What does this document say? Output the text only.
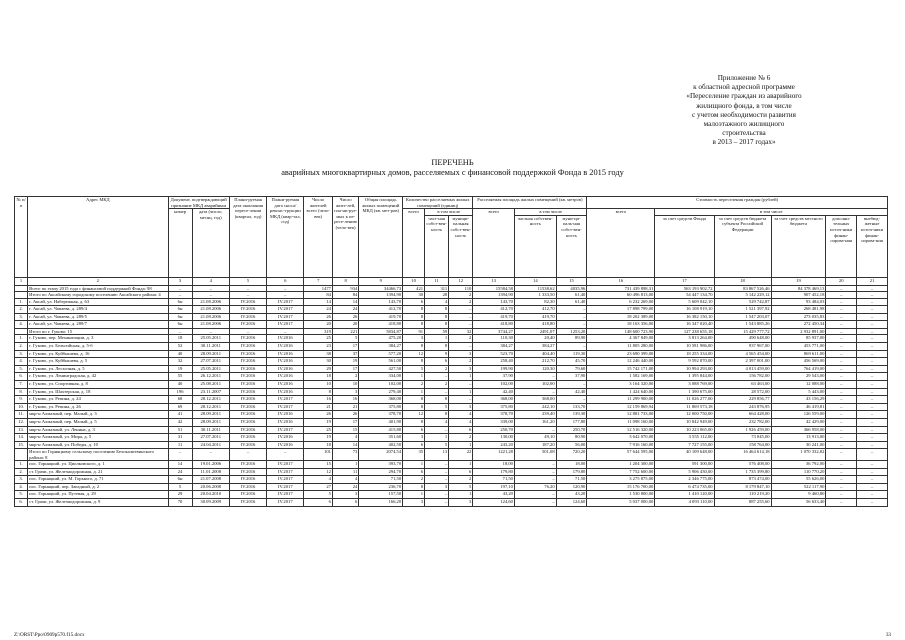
Приложение № 6
к областной адресной программе
«Переселение граждан из аварийного
жилищного фонда, в том числе
с учетом необходимости развития
малоэтажного жилищного
строительства
в 2013 – 2017 годах»
ПЕРЕЧЕНЬ
аварийных многоквартирных домов, расселяемых с финансовой поддержкой Фонда в 2015 году
№ п/п	Адрес МКД	Документ, подтверждающий признание МКД аварийным		Плани-руемая дата окончания пересе-ления (квартал, год)	Плани-руемая дата сноса/ реконс-трукции МКД (квар-тал, год)	Число жителей всего (чело-век)	Число жите-лей, пла-ни-руе-мых к пе-ресе-лению (чело-век)	Общая площадь жилых помещений МКД (кв. мет-ров)	Количество расселяемых жилых помещений (единиц)			Расселяемая площадь жилых помещений (кв. метров)			Стоимость переселения граждан (рублей)					
		номер	дата (число, месяц, год)						всего	в том числе		всего	в том числе		всего	в том числе				
										част-ная собст-вен-ность	муници-пальная собст-вен-ность		частная собствен-ность	муни-ци-паль-ная собст-вен-ность		за счет средств Фонда	за счет средств бюджета субъекта Российской Федерации	за счет средств местного бюджета	дополни-тельных источ-ники финан-сирова-ния	внебюд-жетные источ-ники финан-сирова-ния
1	2	3	4	5	6	7	8	9	10	11	12	13	14	15	16	17	18	19	20	21
	Всего по этапу 2015 года с финансовой поддержкой Фонда: 98	–	–	–	–	1477	934	34466,73	421	311	110	15584,58	11538,62	4035,96	731 439 898,31	563 193 902,72	83 867 526,46	84 378 469,13	–	–
	Итого по Аксайскому городскому поселению Аксайского района: 4	–	–	–	–	84	84	1394,90	30	28	2	1394,90	1 333,50	61,40	60 496 813,00	54 447 134,70	5 142 229,12	907 452,18	–	–
1.	г. Аксай, ул. Набережная, д. 63	6н	21.08.2006	IV.2016	IV.2017	14	14	143,70	6	4	2	143,70	82,30	61,40	6 232 269,00	5 609 042,10	529 742,87	93 484,03	–	–
2.	г. Аксай, ул. Чапаева, д. 289/4	6н	21.08.2006	IV.2016	IV.2017	24	24	412,70	8	8	–	412,70	412,70	–	17 898 799,00	16 108 919,10	1 521 397,92	268 481,98	–	–
3.	г. Аксай, ул. Чапаева, д. 289/5	6н	21.08.2006	IV.2016	IV.2017	26	26	419,70	8	8	–	419,70	419,70	–	18 202 389,00	16 382 150,10	1 547 203,07	273 035,83	–	–
4.	г. Аксай, ул. Чапаева, д. 289/7	6н	21.08.2006	IV.2016	IV.2017	20	20	418,80	8	8	–	418,80	418,80	–	18 163 356,00	16 347 020,40	1 543 885,26	272 450,34	–	–
	Итого по г. Гуково: 15	–	–	–	–	319	221	5834,87	91	59	32	3744,27	2491,07	1253,20	148 600 723,90	127 238 655,18	15 429 777,72	2 932 891,00	–	–
1.	г. Гуково, пер. Механизации, д. 3	18	25.05.2011	IV.2016	IV.2016	25	5	475,20	3	1	2	110,30	20,40	89,90	4 367 849,00	3 813 264,00	490 648,00	85 937,00	–	–
2.	г. Гуково, ул. Бельгийская, д. 5-б	52	30.11.2011	IV.2016	IV.2016	23	17	384,27	8	8	–	384,27	384,27	–	11 805 280,00	10 581 986,00	937 967,00	453 771,00	–	–
3.	г. Гуково, ул. Куйбышева, д. 16	40	28.09.2011	IV.2016	IV.2016	38	37	577,20	12	9	3	523,70	404,40	119,30	23 690 399,00	18 255 334,00	4 565 454,00	869 611,00	–	–
4.	г. Гуково, ул. Куйбышева, д. 5	32	27.07.2011	IV.2016	IV.2016	30	19	561,00	8	6	2	258,40	212,70	45,70	12 246 440,00	9 592 870,00	2 397 001,00	456 569,00	–	–
5.	г. Гуково, ул. Лесхозная, д. 5	19	25.05.2011	IV.2016	IV.2016	29	17	427,50	5	2	3	199,90	120,30	79,60	15 742 171,00	10 994 293,00	4 013 459,00	764 419,00	–	–
6.	г. Гуково, ул. Ленинградская, д. 42	55	26.12.2011	IV.2016	IV.2016	18	2	334,00	1	–	1	37,90	–	37,90	1 582 169,00	1 395 844,00	156 782,00	29 543,00	–	–
7.	г. Гуково, ул. Спортивная, д. 8	40	25.08.2011	IV.2016	IV.2016	10	10	102,00	2	2	–	102,00	102,00	–	3 164 320,00	3 088 769,00	63 463,00	12 088,00	–	–
8.	г. Гуково, ул. Шахтерская, д. 18	196	23.11.2007	IV.2016	IV.2016	8	3	279,40	1	–	1	42,40	–	42,40	1 424 640,00	1 390 675,00	28 572,00	5 443,00	–	–
9.	г. Гуково, ул. Репина, д. 24	68	28.12.2011	IV.2016	IV.2017	16	16	368,00	8	8	–	368,00	368,00	–	11 299 900,00	11 026 277,00	229 856,77	43 156,29	–	–
10.	г. Гуково, ул. Репина, д. 26	69	28.12.2011	IV.2016	IV.2017	21	21	375,80	8	5	3	375,80	242,10	133,70	12 159 869,94	11 869 573,18	243 876,95	46 419,81	–	–
11.	мкр-н Алмазный, пер. Малый, д. 3	41	28.09.2011	IV.2016	IV.2016	26	26	378,70	12	8	4	378,70	239,40	139,30	12 881 733,00	12 000 750,00	664 428,00	126 559,00	–	–
12.	мкр-н Алмазный, пер. Малый, д. 5	42	28.09.2011	IV.2016	IV.2016	19	17	401,90	8	4	4	339,00	161,20	177,80	11 098 160,00	10 842 949,00	232 782,00	42 429,00	–	–
13.	мкр-н Алмазный, ул. Ленина, д. 3	51	30.11.2011	IV.2016	IV.2017	25	15	415,80	6	–	6	250,70	–	250,70	12 516 320,00	10 223 065,00	1 926 459,00	366 958,00	–	–
14.	мкр-н Алмазный, ул. Мира, д. 5	31	27.07.2011	IV.2016	IV.2016	19	4	351,60	3	1	2	130,00	49,10	80,90	3 642 070,00	3 555 112,00	73 045,00	13 913,00	–	–
15.	мкр-н Алмазный, ул. Победы, д. 10	11	24.04.2011	IV.2016	IV.2016	18	14	402,50	6	5	1	243,20	187,20	56,00	7 916 160,00	7 727 155,00	158 764,00	30 241,00	–	–
	Итого по Горняцкому сельскому поселению Белокалитвинского района: 8	–	–	–	–	101	73	2074,54	35	13	22	1221,28	501,08	720,20	57 644 595,00	40 109 648,00	16 464 614,18	1 070 332,82	–	–
1.	пос. Горняцкий, ул. Циолковского, д. 1	14	19.01.2006	IV.2016	IV.2017	15	1	393,70	1	–	1	18,00	–	18,00	1 204 300,00	591 300,00	576 408,00	36 792,00	–	–
2.	ст. Грачи, ул. Железнодорожная, д. 21	24	11.01.2008	IV.2016	IV.2017	12	11	294,70	6	–	6	179,80	–	179,80	7 752 600,00	5 906 430,00	1 735 399,80	110 770,20	–	–
3.	пос. Горняцкий, ул. М. Горького, д. 71	6н	21.07.2008	IV.2016	IV.2017	4	4	71,50	2	–	2	71,50	–	71,50	3 275 875,00	2 346 775,00	873 474,00	55 626,00	–	–
4.	пос. Горняцкий, пер. Западный, д. 2	5	20.06.2008	IV.2016	IV.2017	27	24	236,70	8	3	5	197,10	76,20	120,90	15 176 700,00	6 474 735,00	8 179 847,10	522 117,90	–	–
5.	пос. Горняцкий, ул. Путевая, д. 29	29	20.04.2010	IV.2016	IV.2017	5	3	157,50	1	–	1	43,20	–	43,20	1 530 800,00	1 410 120,00	110 219,20	9 460,80	–	–
6.	ст. Грачи, ул. Железнодорожная, д. 9	70	30.09.2009	IV.2016	IV.2017	6	6	166,20	3	–	3	124,60	–	124,60	5 037 000,00	4 093 110,00	887 255,60	56 633,40	–	–
Z:\ORST\Ppo\0909p570.f15.docx	33
